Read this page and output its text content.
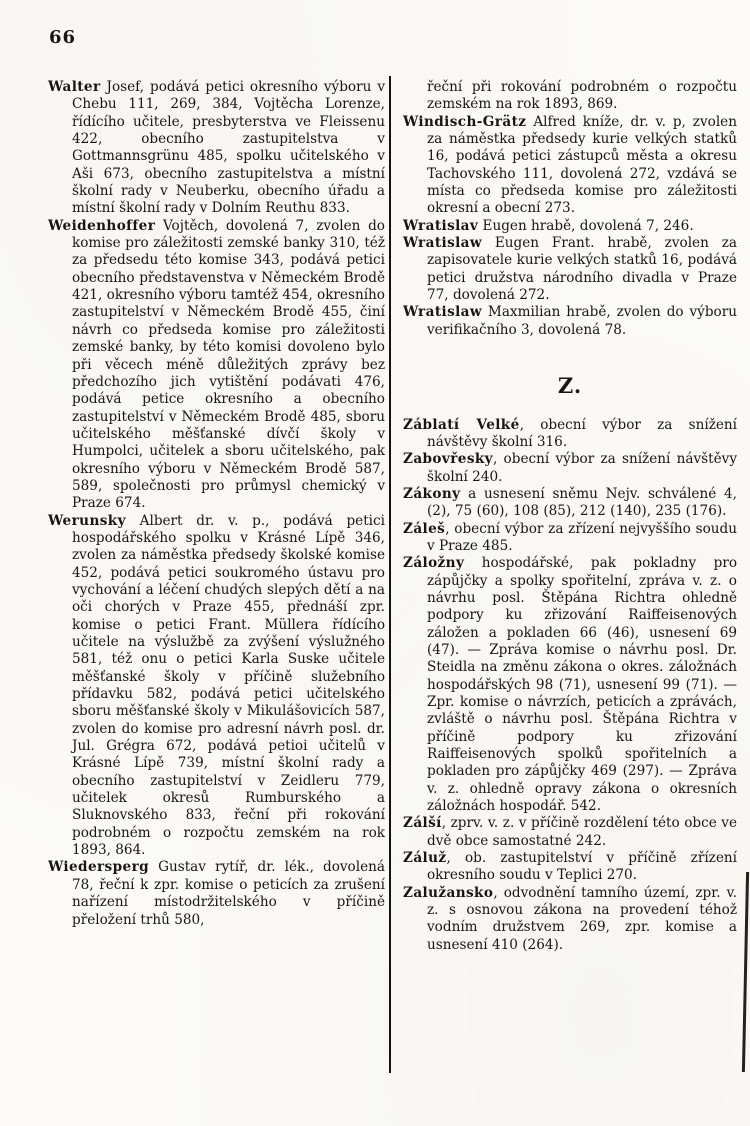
66

Walter Josef, podává petici okresního výboru v Chebu 111, 269, 384, Vojtěcha Lorenze, řídícího učitele, presbyterstva ve Fleissenu 422, obecního zastupitelstva v Gottmannsgrünu 485, spolku učitelského v Aši 673, obecního zastupitelstva a místní školní rady v Neuberku, obecního úřadu a místní školní rady v Dolním Reuthu 833.

Weidenhoffer Vojtěch, dovolená 7, zvolen do komise pro záležitosti zemské banky 310, též za předsedu této komise 343, podává petici obecního představenstva v Německém Brodě 421, okresního výboru tamtéž 454, okresního zastupitelství v Německém Brodě 455, činí návrh co předseda komise pro záležitosti zemské banky, by této komisi dovoleno bylo při věcech méně důležitých zprávy bez předchozího jich vytištění podávati 476, podává petice okresního a obecního zastupitelství v Německém Brodě 485, sboru učitelského měšťanské dívčí školy v Humpolci, učitelek a sboru učitelského, pak okresního výboru v Německém Brodě 587, 589, společnosti pro průmysl chemický v Praze 674.

Werunsky Albert dr. v. p., podává petici hospodářského spolku v Krásné Lípě 346, zvolen za náměstka předsedy školské komise 452, podává petici soukromého ústavu pro vychování a léčení chudých slepých dětí a na oči chorých v Praze 455, přednáší zpr. komise o petici Frant. Müllera řídícího učitele na výslužbě za zvýšení výslužného 581, též onu o petici Karla Suske učitele měšťanské školy v příčině služebního přídavku 582, podává petici učitelského sboru měšťanské školy v Mikulášovicích 587, zvolen do komise pro adresní návrh posl. dr. Jul. Grégra 672, podává petioi učitelů v Krásné Lípě 739, místní školní rady a obecního zastupitelství v Zeidleru 779, učitelek okresů Rumburského a Sluknovského 833, řeční při rokování podrobném o rozpočtu zemském na rok 1893, 864.

Wiedersperg Gustav rytíř, dr. lék., dovolená 78, řeční k zpr. komise o peticích za zrušení nařízení místodržitelského v příčině přeložení trhů 580,

řeční při rokování podrobném o rozpočtu zemském na rok 1893, 869.

Windisch-Grätz Alfred kníže, dr. v. p, zvolen za náměstka předsedy kurie velkých statků 16, podává petici zástupců města a okresu Tachovského 111, dovolená 272, vzdává se místa co předseda komise pro záležitosti okresní a obecní 273.

Wratislav Eugen hrabě, dovolená 7, 246.

Wratislaw Eugen Frant. hrabě, zvolen za zapisovatele kurie velkých statků 16, podává petici družstva národního divadla v Praze 77, dovolená 272.

Wratislaw Maxmilian hrabě, zvolen do výboru verifikačního 3, dovolená 78.

Z.

Záblatí Velké, obecní výbor za snížení návštěvy školní 316.

Zabovřesky, obecní výbor za snížení návštěvy školní 240.

Zákony a usnesení sněmu Nejv. schválené 4, (2), 75 (60), 108 (85), 212 (140), 235 (176).

Záleš, obecní výbor za zřízení nejvyššího soudu v Praze 485.

Záložny hospodářské, pak pokladny pro zápůjčky a spolky spořitelní, zpráva v. z. o návrhu posl. Štěpána Richtra ohledně podpory ku zřizování Raiffeisenových záložen a pokladen 66 (46), usnesení 69 (47). — Zpráva komise o návrhu posl. Dr. Steidla na změnu zákona o okres. záložnách hospodářských 98 (71), usnesení 99 (71). — Zpr. komise o návrzích, peticích a zprávách, zvláště o návrhu posl. Štěpána Richtra v příčině podpory ku zřizování Raiffeisenových spolků spořitelních a pokladen pro zápůjčky 469 (297). — Zpráva v. z. ohledně opravy zákona o okresních záložnách hospodář. 542.

Zálší, zprv. v. z. v příčině rozdělení této obce ve dvě obce samostatné 242.

Záluž, ob. zastupitelství v příčině zřízení okresního soudu v Teplici 270.

Zalužansko, odvodnění tamního území, zpr. v. z. s osnovou zákona na provedení téhož vodním družstvem 269, zpr. komise a usnesení 410 (264).
